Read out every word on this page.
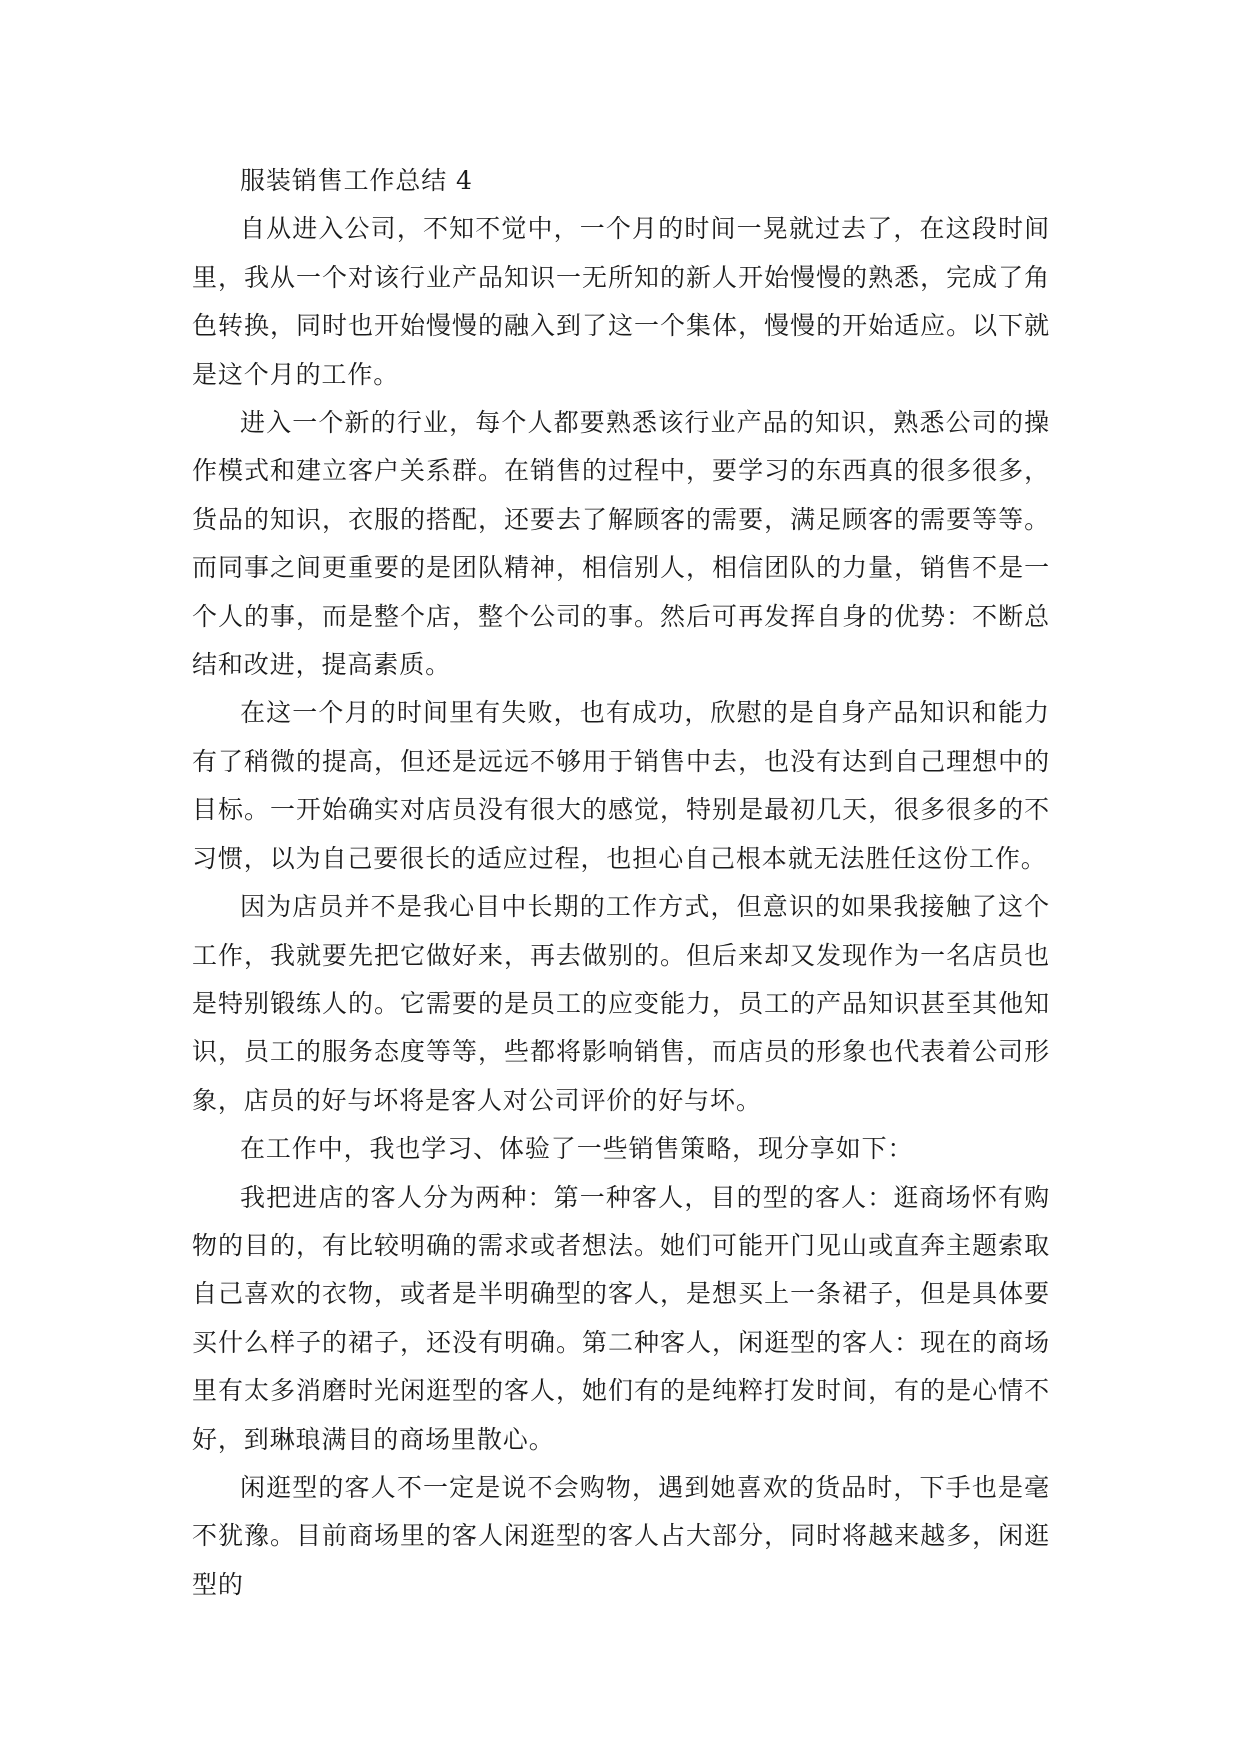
服装销售工作总结 4

自从进入公司，不知不觉中，一个月的时间一晃就过去了，在这段时间里，我从一个对该行业产品知识一无所知的新人开始慢慢的熟悉，完成了角色转换，同时也开始慢慢的融入到了这一个集体，慢慢的开始适应。以下就是这个月的工作。

进入一个新的行业，每个人都要熟悉该行业产品的知识，熟悉公司的操作模式和建立客户关系群。在销售的过程中，要学习的东西真的很多很多，货品的知识，衣服的搭配，还要去了解顾客的需要，满足顾客的需要等等。而同事之间更重要的是团队精神，相信别人，相信团队的力量，销售不是一个人的事，而是整个店，整个公司的事。然后可再发挥自身的优势：不断总结和改进，提高素质。

在这一个月的时间里有失败，也有成功，欣慰的是自身产品知识和能力有了稍微的提高，但还是远远不够用于销售中去，也没有达到自己理想中的目标。一开始确实对店员没有很大的感觉，特别是最初几天，很多很多的不习惯，以为自己要很长的适应过程，也担心自己根本就无法胜任这份工作。

因为店员并不是我心目中长期的工作方式，但意识的如果我接触了这个工作，我就要先把它做好来，再去做别的。但后来却又发现作为一名店员也是特别锻练人的。它需要的是员工的应变能力，员工的产品知识甚至其他知识，员工的服务态度等等，些都将影响销售，而店员的形象也代表着公司形象，店员的好与坏将是客人对公司评价的好与坏。

在工作中，我也学习、体验了一些销售策略，现分享如下：

我把进店的客人分为两种：第一种客人，目的型的客人：逛商场怀有购物的目的，有比较明确的需求或者想法。她们可能开门见山或直奔主题索取自己喜欢的衣物，或者是半明确型的客人，是想买上一条裙子，但是具体要买什么样子的裙子，还没有明确。第二种客人，闲逛型的客人：现在的商场里有太多消磨时光闲逛型的客人，她们有的是纯粹打发时间，有的是心情不好，到琳琅满目的商场里散心。

闲逛型的客人不一定是说不会购物，遇到她喜欢的货品时，下手也是毫不犹豫。目前商场里的客人闲逛型的客人占大部分，同时将越来越多，闲逛型的
